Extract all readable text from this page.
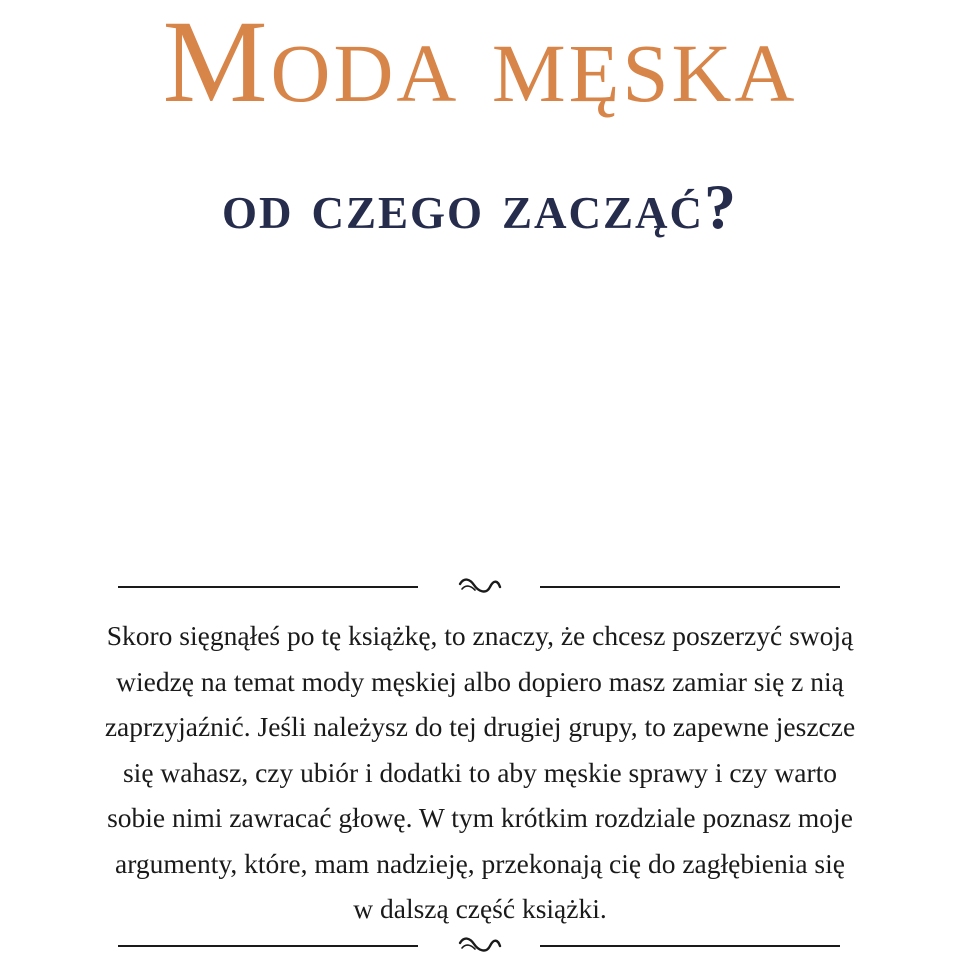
Moda męska
od czego zacząć?

Skoro sięgnąłeś po tę książkę, to znaczy, że chcesz poszerzyć swoją
wiedzę na temat mody męskiej albo dopiero masz zamiar się z nią
zaprzyjaźnić. Jeśli należysz do tej drugiej grupy, to zapewne jeszcze
się wahasz, czy ubiór i dodatki to aby męskie sprawy i czy warto
sobie nimi zawracać głowę. W tym krótkim rozdziale poznasz moje
argumenty, które, mam nadzieję, przekonają cię do zagłębienia się
w dalszą część książki.
